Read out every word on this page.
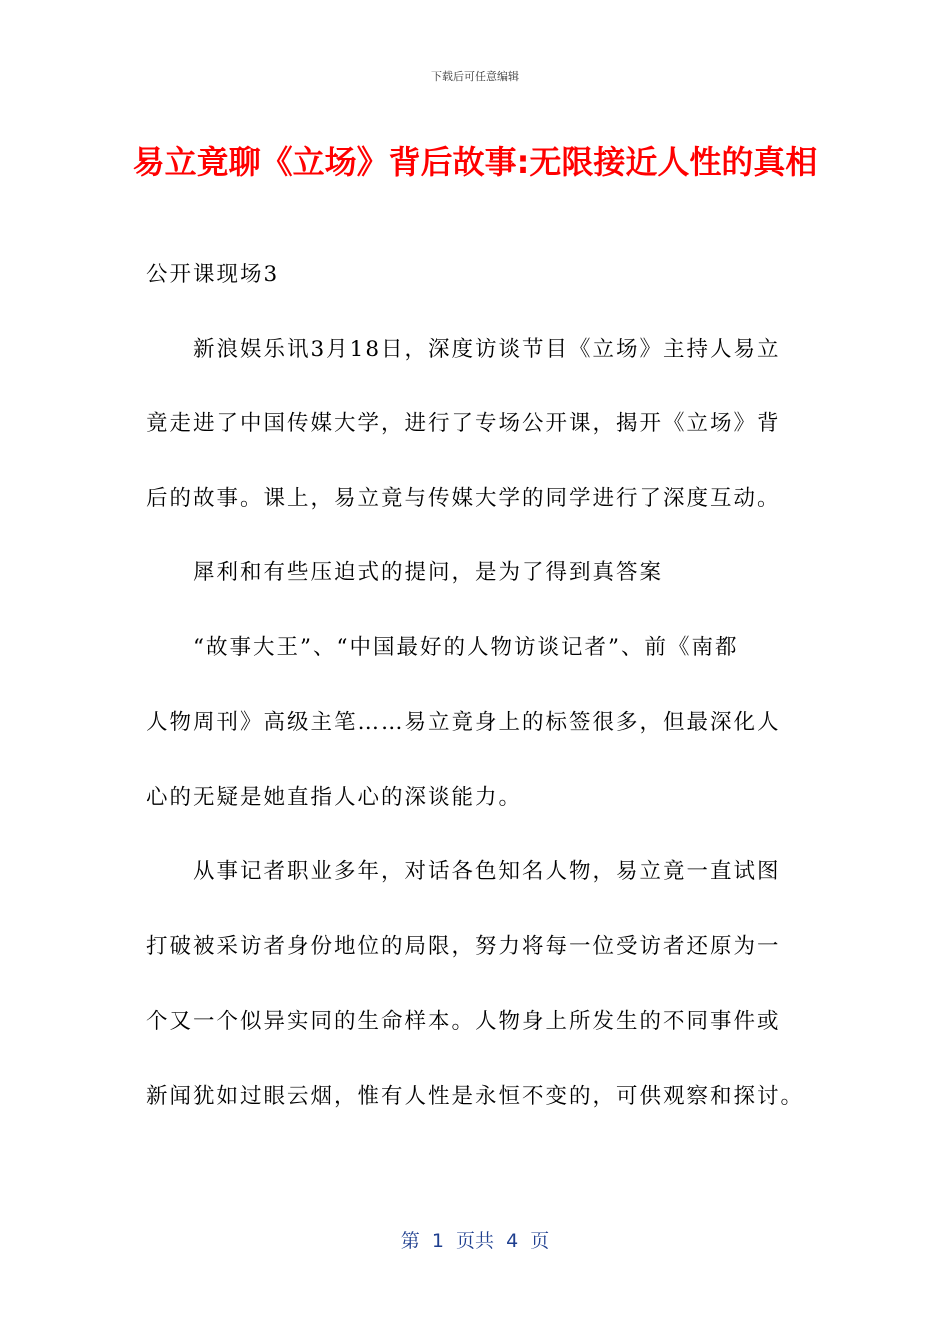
下载后可任意编辑
易立竟聊《立场》背后故事:无限接近人性的真相

公开课现场3

　　新浪娱乐讯3月18日，深度访谈节目《立场》主持人易立

竟走进了中国传媒大学，进行了专场公开课，揭开《立场》背

后的故事。课上，易立竟与传媒大学的同学进行了深度互动。

　　犀利和有些压迫式的提问，是为了得到真答案

　　“故事大王”、“中国最好的人物访谈记者”、前《南都

人物周刊》高级主笔……易立竟身上的标签很多，但最深化人

心的无疑是她直指人心的深谈能力。

　　从事记者职业多年，对话各色知名人物，易立竟一直试图

打破被采访者身份地位的局限，努力将每一位受访者还原为一

个又一个似异实同的生命样本。人物身上所发生的不同事件或

新闻犹如过眼云烟，惟有人性是永恒不变的，可供观察和探讨。

第  1  页共  4  页
